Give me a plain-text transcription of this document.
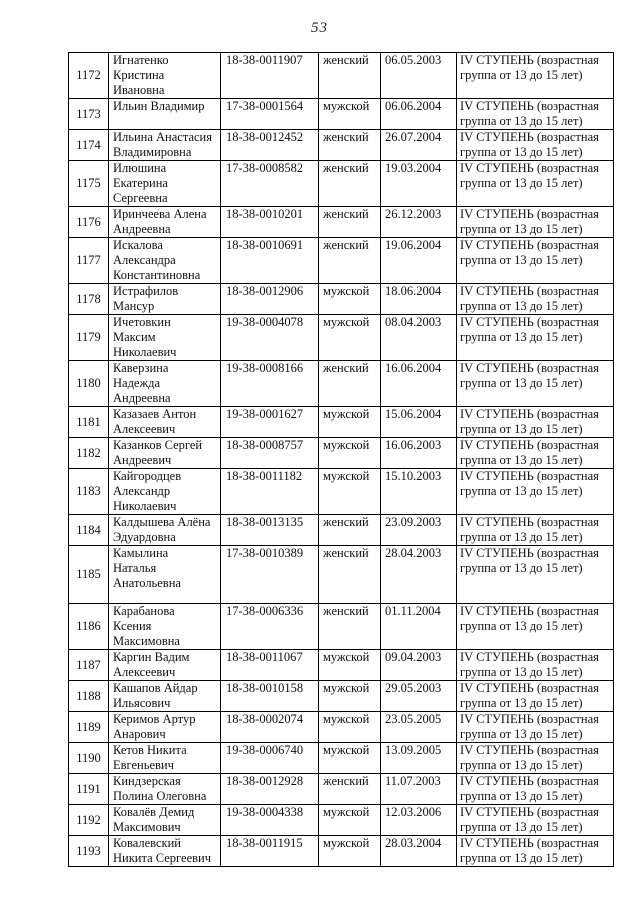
53
1172	Игнатенко
Кристина
Ивановна	18-38-0011907	женский	06.05.2003	IV СТУПЕНЬ (возрастная
группа от 13 до 15 лет)

1173	Ильин Владимир	17-38-0001564	мужской	06.06.2004	IV СТУПЕНЬ (возрастная
группа от 13 до 15 лет)

1174	Ильина Анастасия
Владимировна	18-38-0012452	женский	26.07.2004	IV СТУПЕНЬ (возрастная
группа от 13 до 15 лет)

1175	Илюшина
Екатерина
Сергеевна	17-38-0008582	женский	19.03.2004	IV СТУПЕНЬ (возрастная
группа от 13 до 15 лет)

1176	Иринчеева Алена
Андреевна	18-38-0010201	женский	26.12.2003	IV СТУПЕНЬ (возрастная
группа от 13 до 15 лет)

1177	Искалова
Александра
Константиновна	18-38-0010691	женский	19.06.2004	IV СТУПЕНЬ (возрастная
группа от 13 до 15 лет)

1178	Истрафилов
Мансур	18-38-0012906	мужской	18.06.2004	IV СТУПЕНЬ (возрастная
группа от 13 до 15 лет)

1179	Ичетовкин
Максим
Николаевич	19-38-0004078	мужской	08.04.2003	IV СТУПЕНЬ (возрастная
группа от 13 до 15 лет)

1180	Каверзина
Надежда
Андреевна	19-38-0008166	женский	16.06.2004	IV СТУПЕНЬ (возрастная
группа от 13 до 15 лет)

1181	Казазаев Антон
Алексеевич	19-38-0001627	мужской	15.06.2004	IV СТУПЕНЬ (возрастная
группа от 13 до 15 лет)

1182	Казанков Сергей
Андреевич	18-38-0008757	мужской	16.06.2003	IV СТУПЕНЬ (возрастная
группа от 13 до 15 лет)

1183	Кайгородцев
Александр
Николаевич	18-38-0011182	мужской	15.10.2003	IV СТУПЕНЬ (возрастная
группа от 13 до 15 лет)

1184	Калдышева Алёна
Эдуардовна	18-38-0013135	женский	23.09.2003	IV СТУПЕНЬ (возрастная
группа от 13 до 15 лет)

1185	Камылина
Наталья
Анатольевна	17-38-0010389	женский	28.04.2003	IV СТУПЕНЬ (возрастная
группа от 13 до 15 лет)

1186	Карабанова
Ксения
Максимовна	17-38-0006336	женский	01.11.2004	IV СТУПЕНЬ (возрастная
группа от 13 до 15 лет)

1187	Каргин Вадим
Алексеевич	18-38-0011067	мужской	09.04.2003	IV СТУПЕНЬ (возрастная
группа от 13 до 15 лет)

1188	Кашапов Айдар
Ильясович	18-38-0010158	мужской	29.05.2003	IV СТУПЕНЬ (возрастная
группа от 13 до 15 лет)

1189	Керимов Артур
Анарович	18-38-0002074	мужской	23.05.2005	IV СТУПЕНЬ (возрастная
группа от 13 до 15 лет)

1190	Кетов Никита
Евгеньевич	19-38-0006740	мужской	13.09.2005	IV СТУПЕНЬ (возрастная
группа от 13 до 15 лет)

1191	Киндзерская
Полина Олеговна	18-38-0012928	женский	11.07.2003	IV СТУПЕНЬ (возрастная
группа от 13 до 15 лет)

1192	Ковалёв Демид
Максимович	19-38-0004338	мужской	12.03.2006	IV СТУПЕНЬ (возрастная
группа от 13 до 15 лет)

1193	Ковалевский
Никита Сергеевич	18-38-0011915	мужской	28.03.2004	IV СТУПЕНЬ (возрастная
группа от 13 до 15 лет)
